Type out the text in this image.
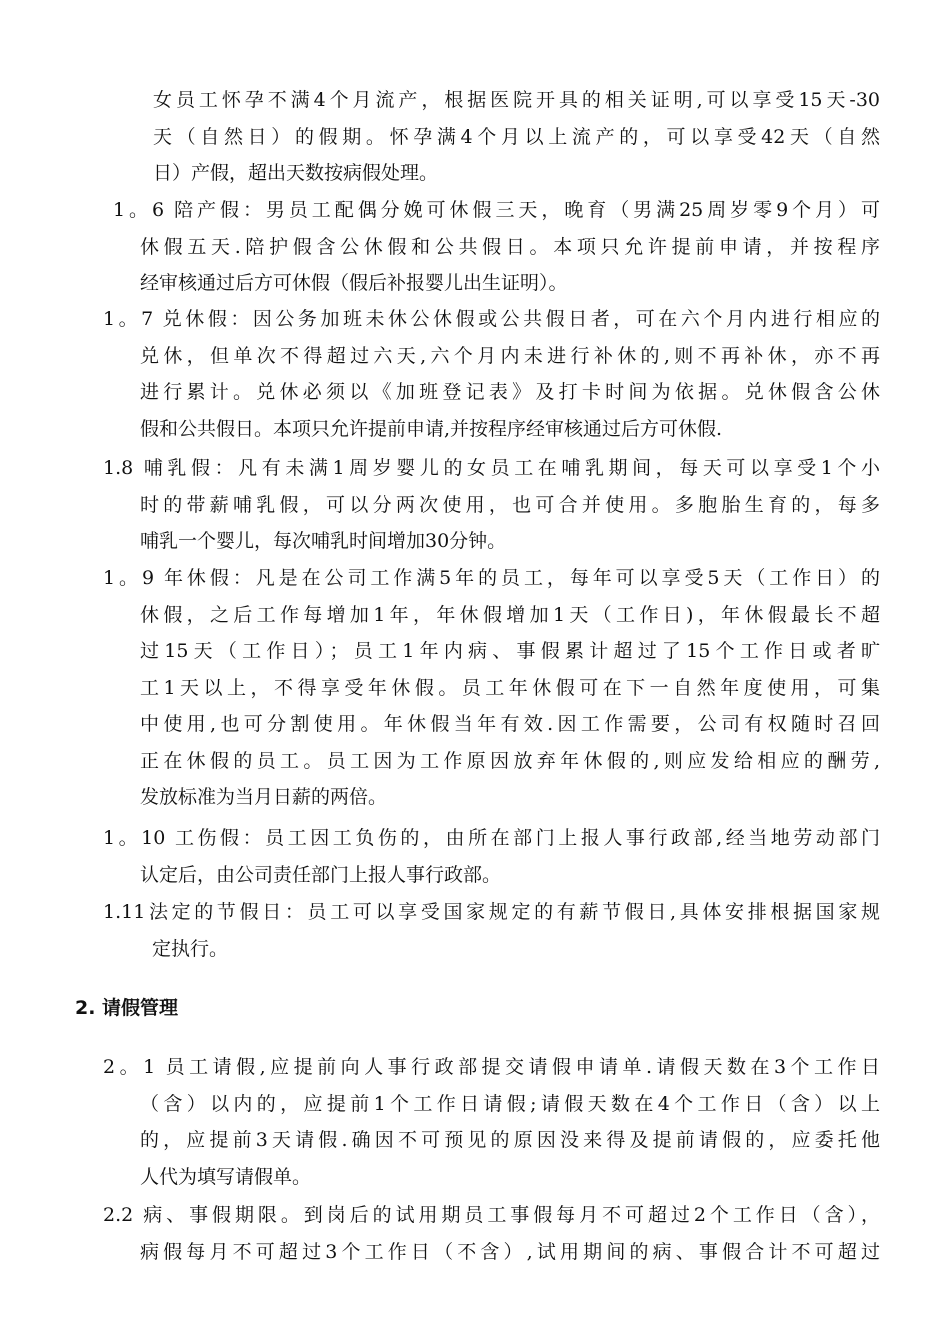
女员工怀孕不满4个月流产，根据医院开具的相关证明,可以享受15天-30
天（自然日）的假期。怀孕满4个月以上流产的，可以享受42天（自然
日）产假，超出天数按病假处理。
1。6 陪产假：男员工配偶分娩可休假三天，晚育（男满25周岁零9个月）可
休假五天.陪护假含公休假和公共假日。本项只允许提前申请，并按程序
经审核通过后方可休假（假后补报婴儿出生证明）。
1。7 兑休假：因公务加班未休公休假或公共假日者，可在六个月内进行相应的
兑休，但单次不得超过六天,六个月内未进行补休的,则不再补休，亦不再
进行累计。兑休必须以《加班登记表》及打卡时间为依据。兑休假含公休
假和公共假日。本项只允许提前申请,并按程序经审核通过后方可休假.
1.8 哺乳假：凡有未满1周岁婴儿的女员工在哺乳期间，每天可以享受1个小
时的带薪哺乳假，可以分两次使用，也可合并使用。多胞胎生育的，每多
哺乳一个婴儿，每次哺乳时间增加30分钟。
1。9 年休假：凡是在公司工作满5年的员工，每年可以享受5天（工作日）的
休假，之后工作每增加1年，年休假增加1天（工作日)，年休假最长不超
过15天（工作日）；员工1年内病、事假累计超过了15个工作日或者旷
工1天以上，不得享受年休假。员工年休假可在下一自然年度使用，可集
中使用,也可分割使用。年休假当年有效.因工作需要，公司有权随时召回
正在休假的员工。员工因为工作原因放弃年休假的,则应发给相应的酬劳,
发放标准为当月日薪的两倍。
1。10 工伤假：员工因工负伤的，由所在部门上报人事行政部,经当地劳动部门
认定后，由公司责任部门上报人事行政部。
1.11法定的节假日：员工可以享受国家规定的有薪节假日,具体安排根据国家规
定执行。
2. 请假管理
2。1 员工请假,应提前向人事行政部提交请假申请单.请假天数在3个工作日
（含）以内的，应提前1个工作日请假;请假天数在4个工作日（含）以上
的，应提前3天请假.确因不可预见的原因没来得及提前请假的，应委托他
人代为填写请假单。
2.2 病、事假期限。到岗后的试用期员工事假每月不可超过2个工作日（含），
病假每月不可超过3个工作日（不含）,试用期间的病、事假合计不可超过
